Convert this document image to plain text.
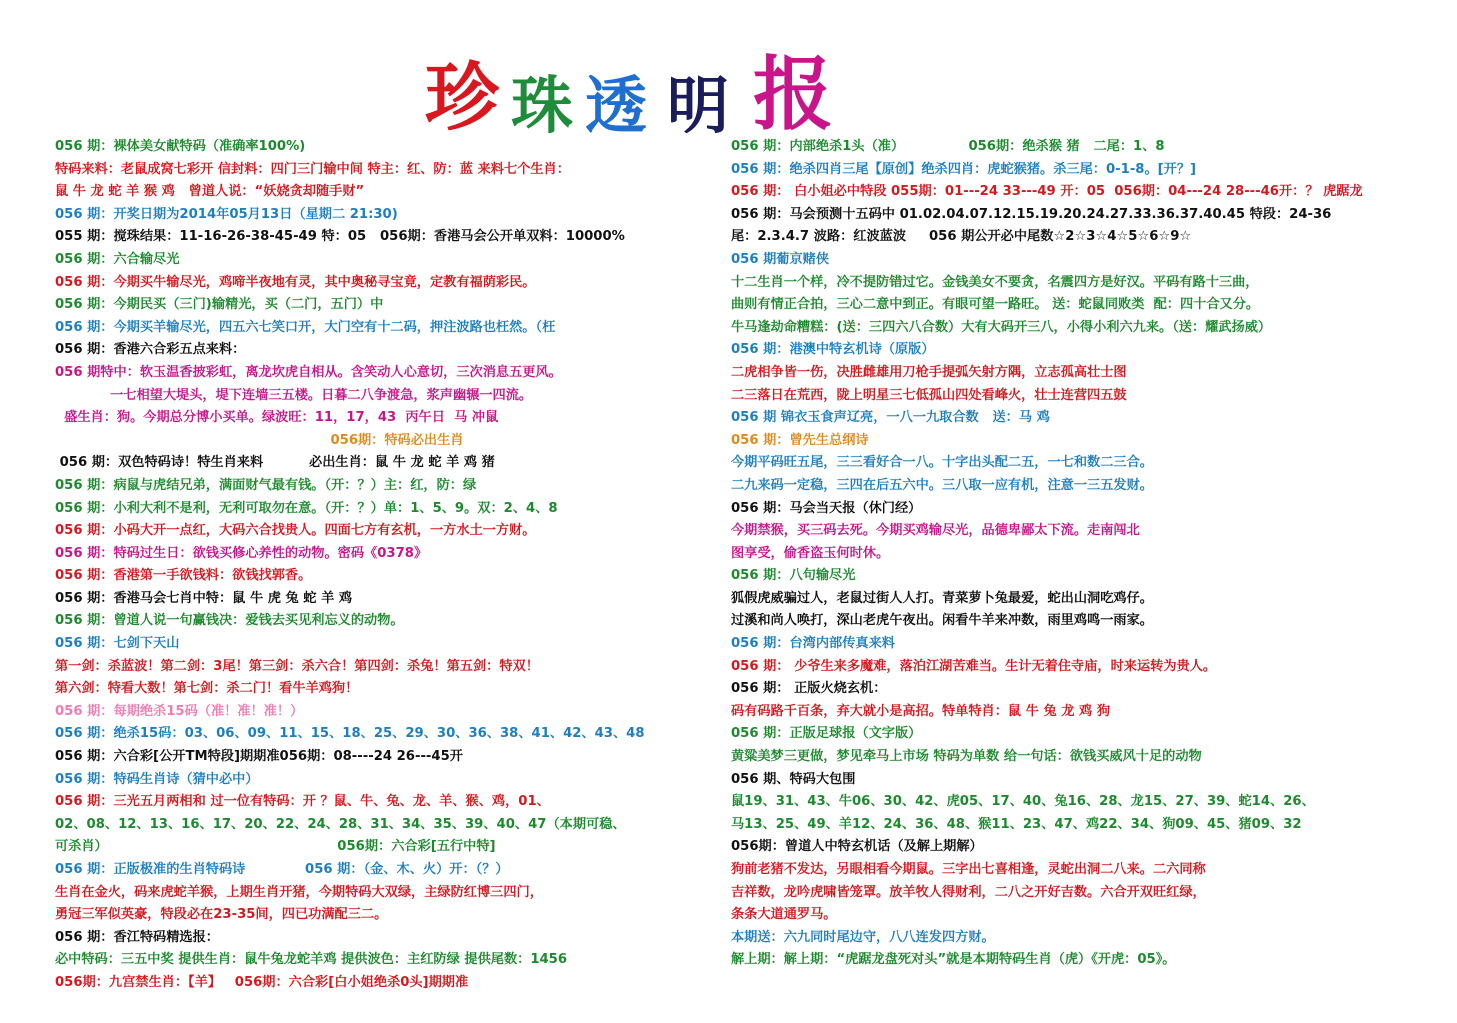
珍 珠 透 明 报
056 期：裸体美女献特码（准确率100%)
特码来料：老鼠成窝七彩开 信封料：四门三门输中间 特主：红、防：蓝 来料七个生肖：
鼠 牛 龙 蛇 羊 猴 鸡   曾道人说：“妖娆贪却随手财”
056 期：开奖日期为2014年05月13日（星期二 21:30)
055 期：搅珠结果：11-16-26-38-45-49 特：05   056期：香港马会公开单双料：10000%
056 期：六合输尽光
056 期：今期买牛输尽光，鸡啼半夜地有灵，其中奥秘寻宝竟，定教有福荫彩民。
056 期：今期民买（三门)输精光，买（二门，五门）中
056 期：今期买羊输尽光，四五六七笑口开，大门空有十二码，押注波路也枉然。（枉
056 期：香港六合彩五点来料：
056 期特中：软玉温香披彩虹，离龙坎虎自相从。含笑动人心意切，三次消息五更风。
一七相望大堤头，堤下连墙三五楼。日暮二八争渡急，浆声幽辗一四流。
盛生肖：狗。今期总分博小买单。绿波旺：11，17，43  丙午日  马 冲鼠
056期：特码必出生肖
056 期：双色特码诗！特生肖来料          必出生肖：鼠 牛 龙 蛇 羊 鸡 猪
056 期：病鼠与虎结兄弟，满面财气最有钱。（开：？）主：红，防：绿
056 期：小利大利不是利，无利可取勿在意。（开：？）单：1、5、9。双：2、4、8
056 期：小码大开一点红，大码六合找贵人。四面七方有玄机，一方水土一方财。
056 期：特码过生日：欲钱买修心养性的动物。密码《0378》
056 期：香港第一手欲钱料：欲钱找郭香。
056 期：香港马会七肖中特：鼠 牛 虎 兔 蛇 羊 鸡
056 期：曾道人说一句赢钱决：爱钱去买见利忘义的动物。
056 期：七剑下天山
第一剑：杀蓝波！第二剑：3尾！第三剑：杀六合！第四剑：杀兔！第五剑：特双！
第六剑：特看大数！第七剑：杀二门！看牛羊鸡狗！
056 期：每期绝杀15码（准！准！准！）
056 期：绝杀15码：03、06、09、11、15、18、25、29、30、36、38、41、42、43、48
056 期：六合彩[公开TM特段]期期准056期：08----24 26---45开
056 期：特码生肖诗（猜中必中）
056 期：三光五月两相和 过一位有特码：开 ？鼠、牛、兔、龙、羊、猴、鸡，01、
02、08、12、13、16、17、20、22、24、28、31、34、35、39、40、47（本期可稳、
可杀肖）                                                  056期：六合彩[五行中特]
056 期：正版极准的生肖特码诗             056 期：（金、木、火）开：（？）
生肖在金火，码来虎蛇羊猴，上期生肖开猪，今期特码大双绿，主绿防红博三四门，
勇冠三军似英豪，特段必在23-35间，四已功满配三二。
056 期：香江特码精选报：
必中特码：三五中奖 提供生肖：鼠牛兔龙蛇羊鸡 提供波色：主红防绿 提供尾数：1456
056期：九宫禁生肖：【羊】   056期：六合彩[白小姐绝杀0头]期期准
056 期：内部绝杀1头（准）              056期：绝杀猴 猪   二尾：1、8
056 期：绝杀四肖三尾【原创】绝杀四肖：虎蛇猴猪。杀三尾：0-1-8。[开？]
056 期： 白小姐必中特段 055期：01---24 33---49 开：05  056期：04---24 28---46开：？ 虎踞龙
056 期：马会预测十五码中 01.02.04.07.12.15.19.20.24.27.33.36.37.40.45 特段：24-36
尾：2.3.4.7 波路：红波蓝波     056 期公开必中尾数☆2☆3☆4☆5☆6☆9☆
056 期葡京赌侠
十二生肖一个样，冷不提防错过它。金钱美女不要贪，名震四方是好汉。平码有路十三曲，
曲则有情正合拍，三心二意中到正。有眼可望一路旺。 送：蛇鼠同败类  配：四十合又分。
牛马逢劫命糟糕：(送：三四六八合数）大有大码开三八，小得小利六九来。（送：耀武扬威）
056 期：港澳中特玄机诗（原版）
二虎相争皆一伤，决胜雌雄用刀枪手提弧矢射方隅，立志孤高壮士图
二三落日在荒西，陇上明星三七低孤山四处看峰火，壮士连营四五鼓
056 期 锦衣玉食声辽亮，一八一九取合数   送：马 鸡
056 期：曾先生总纲诗
今期平码旺五尾，三三看好合一八。十字出头配二五，一七和数二三合。
二九来码一定稳，三四在后五六中。三八取一应有机，注意一三五发财。
056 期：马会当天报（休门经）
今期禁猴，买三码去死。今期买鸡输尽光，品德卑鄙太下流。走南闯北
图享受，偷香盗玉何时休。
056 期：八句输尽光
狐假虎威骗过人，老鼠过街人人打。青菜萝卜兔最爱，蛇出山洞吃鸡仔。
过溪和尚人唤打，深山老虎午夜出。闲看牛羊来冲数，雨里鸡鸣一雨家。
056 期：台湾内部传真来料
056 期： 少爷生来多魔难，落泊江湖苦难当。生计无着住寺庙，时来运转为贵人。
056 期： 正版火烧玄机：
码有码路千百条，弃大就小是高招。特单特肖：鼠 牛 兔 龙 鸡 狗
056 期：正版足球报（文字版）
黄粱美梦三更做，梦见牵马上市场 特码为单数 给一句话：欲钱买威风十足的动物
056 期、特码大包围
鼠19、31、43、牛06、30、42、虎05、17、40、兔16、28、龙15、27、39、蛇14、26、
马13、25、49、羊12、24、36、48、猴11、23、47、鸡22、34、狗09、45、猪09、32
056期：曾道人中特玄机话（及解上期解）
狗前老猪不发达，另眼相看今期鼠。三字出七喜相逢，灵蛇出洞二八来。二六同称
吉祥数，龙吟虎啸皆笼罩。放羊牧人得财利，二八之开好吉数。六合开双旺红绿，
条条大道通罗马。
本期送：六九同时尾边守，八八连发四方财。
解上期：解上期：“虎踞龙盘死对头”就是本期特码生肖（虎）《开虎：05》。
